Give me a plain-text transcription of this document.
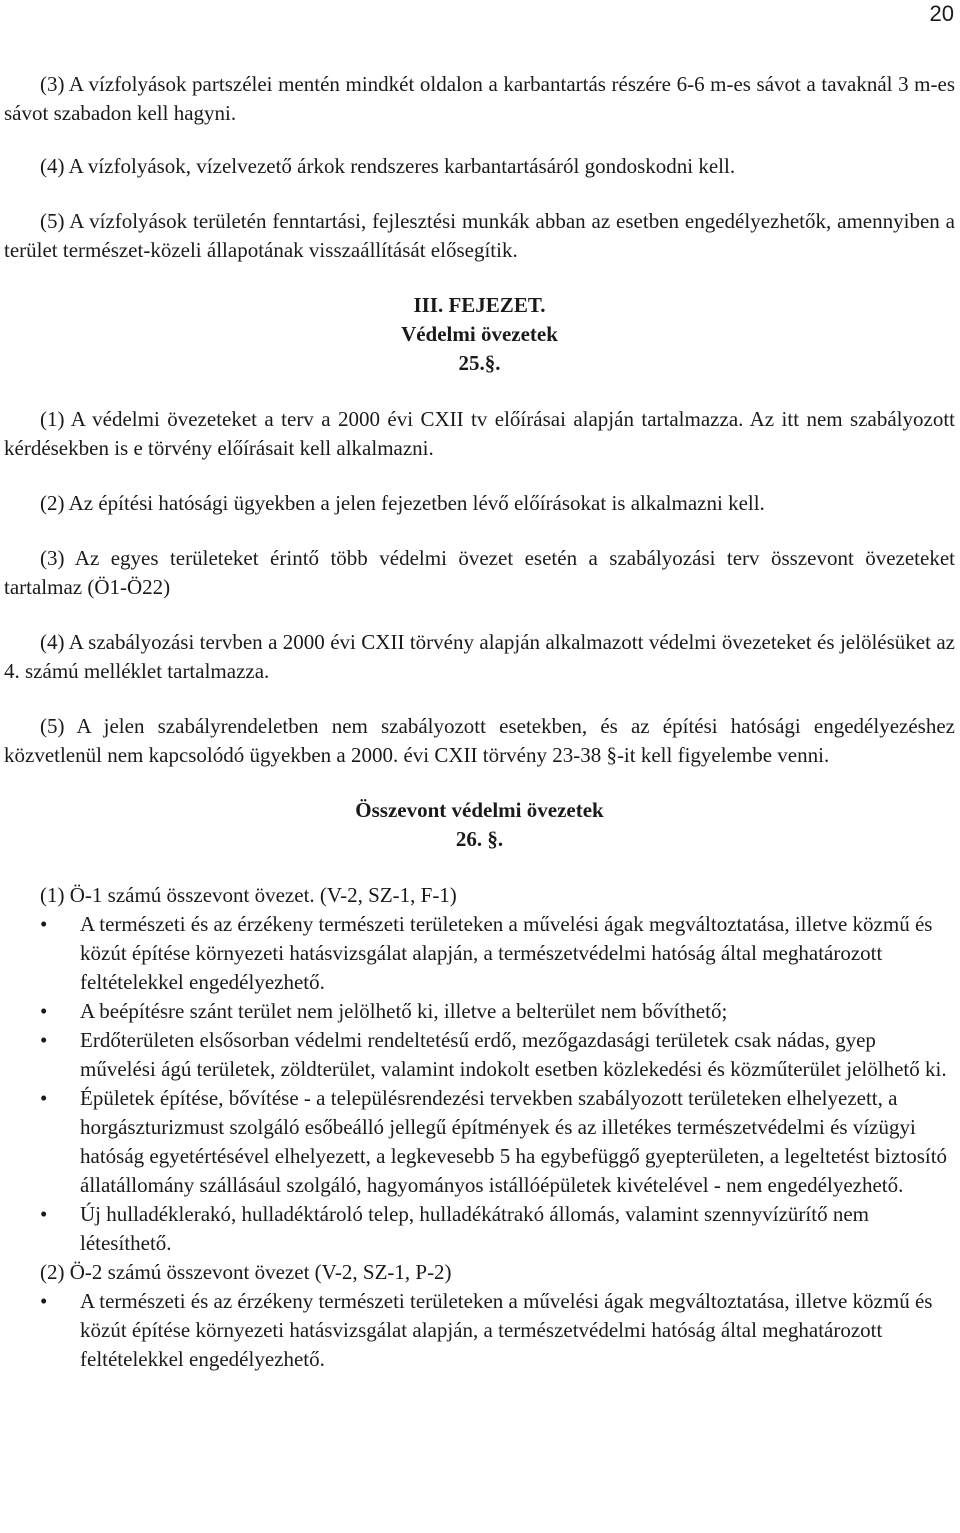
20

(3) A vízfolyások partszélei mentén mindkét oldalon a karbantartás részére 6-6 m-es sávot a tavaknál 3 m-es sávot szabadon kell hagyni.

(4) A vízfolyások, vízelvezető árkok rendszeres karbantartásáról gondoskodni kell.

(5) A vízfolyások területén fenntartási, fejlesztési munkák abban az esetben engedélyezhetők, amennyiben a terület természet-közeli állapotának visszaállítását elősegítik.

III. FEJEZET.

Védelmi övezetek

25.§.

(1) A védelmi övezeteket a terv a 2000 évi CXII tv előírásai alapján tartalmazza. Az itt nem szabályozott kérdésekben is e törvény előírásait kell alkalmazni.

(2) Az építési hatósági ügyekben a jelen fejezetben lévő előírásokat is alkalmazni kell.

(3) Az egyes területeket érintő több védelmi övezet esetén a szabályozási terv összevont övezeteket tartalmaz (Ö1-Ö22)

(4) A szabályozási tervben a 2000 évi CXII törvény alapján alkalmazott védelmi övezeteket és jelölésüket az 4. számú melléklet tartalmazza.

(5) A jelen szabályrendeletben nem szabályozott esetekben, és az építési hatósági engedélyezéshez közvetlenül nem kapcsolódó ügyekben a 2000. évi CXII törvény 23-38 §-it kell figyelembe venni.

Összevont védelmi övezetek

26. §.

(1) Ö-1 számú összevont övezet. (V-2, SZ-1, F-1)

• A természeti és az érzékeny természeti területeken a művelési ágak megváltoztatása, illetve közmű és közút építése környezeti hatásvizsgálat alapján, a természetvédelmi hatóság által meghatározott feltételekkel engedélyezhető.
• A beépítésre szánt terület nem jelölhető ki, illetve a belterület nem bővíthető;
• Erdőterületen elsősorban védelmi rendeltetésű erdő, mezőgazdasági területek csak nádas, gyep művelési ágú területek, zöldterület, valamint indokolt esetben közlekedési és közműterület jelölhető ki.
• Épületek építése, bővítése - a településrendezési tervekben szabályozott területeken elhelyezett, a horgászturizmust szolgáló esőbeálló jellegű építmények és az illetékes természetvédelmi és vízügyi hatóság egyetértésével elhelyezett, a legkevesebb 5 ha egybefüggő gyepterületen, a legeltetést biztosító állatállomány szállásául szolgáló, hagyományos istállóépületek kivételével - nem engedélyezhető.
• Új hulladéklerakó, hulladéktároló telep, hulladékátrakó állomás, valamint szennyvízürítő nem létesíthető.

(2) Ö-2 számú összevont övezet (V-2, SZ-1, P-2)

• A természeti és az érzékeny természeti területeken a művelési ágak megváltoztatása, illetve közmű és közút építése környezeti hatásvizsgálat alapján, a természetvédelmi hatóság által meghatározott feltételekkel engedélyezhető.
